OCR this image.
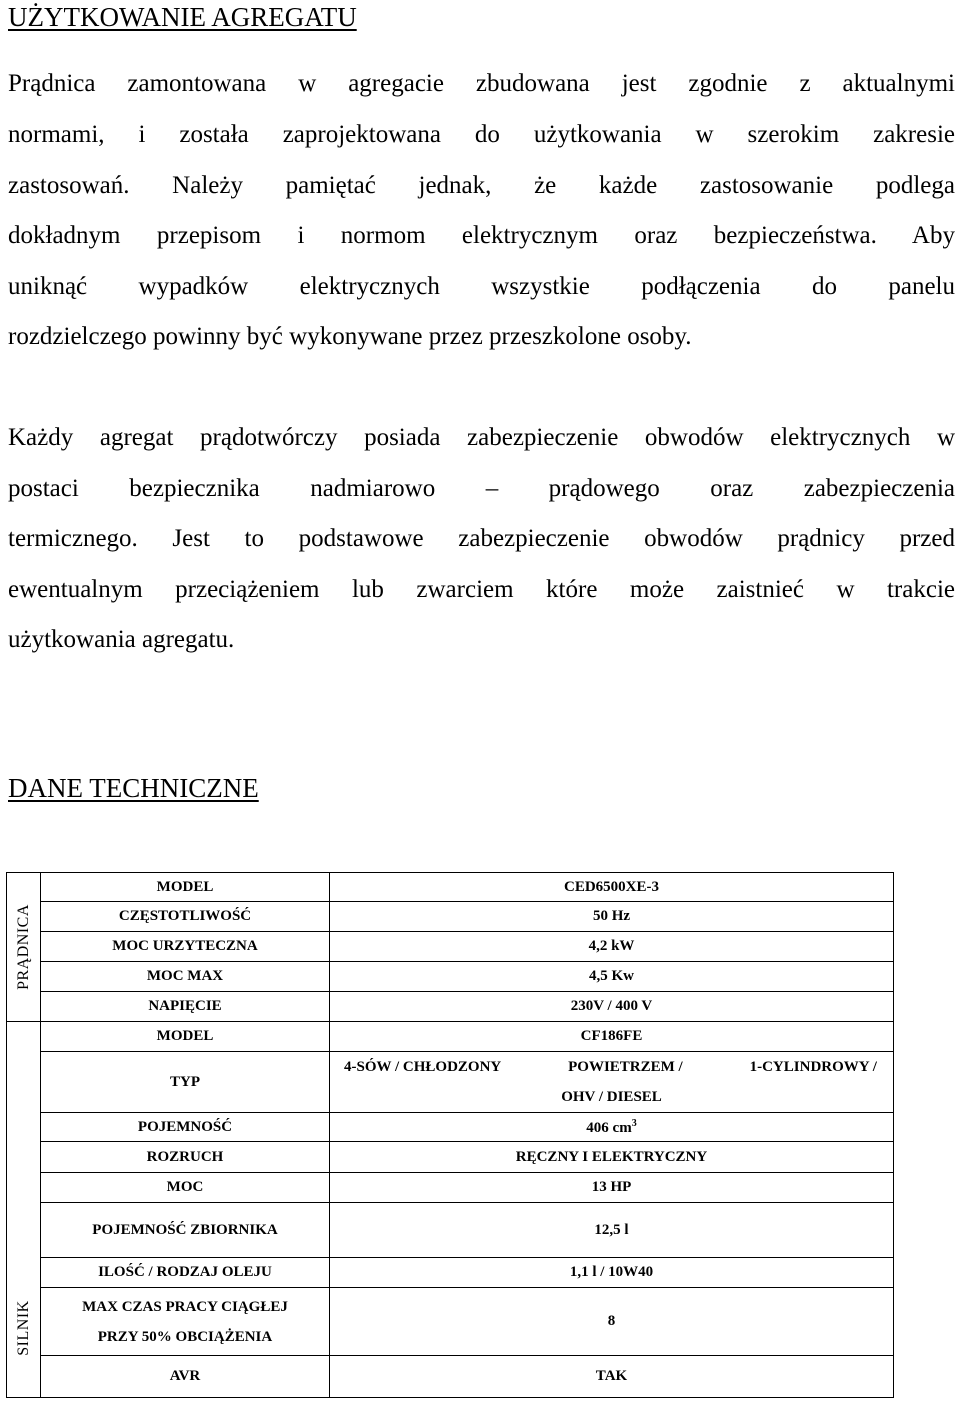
UŻYTKOWANIE AGREGATU
Prądnica zamontowana w agregacie zbudowana jest zgodnie z aktualnymi
normami, i została zaprojektowana do użytkowania w szerokim zakresie
zastosowań. Należy pamiętać jednak, że każde zastosowanie podlega
dokładnym przepisom i normom elektrycznym oraz bezpieczeństwa. Aby
uniknąć wypadków elektrycznych wszystkie podłączenia do panelu
rozdzielczego powinny być wykonywane przez przeszkolone osoby.
Każdy agregat prądotwórczy posiada zabezpieczenie obwodów elektrycznych w
postaci bezpiecznika nadmiarowo – prądowego oraz zabezpieczenia
termicznego. Jest to podstawowe zabezpieczenie obwodów prądnicy przed
ewentualnym przeciążeniem lub zwarciem które może zaistnieć w trakcie
użytkowania agregatu.
DANE TECHNICZNE
PRĄDNICA	MODEL	CED6500XE-3
	CZĘSTOTLIWOŚĆ	50 Hz
	MOC URZYTECZNA	4,2 kW
	MOC MAX	4,5 Kw
	NAPIĘCIE	230V / 400 V

SILNIK	MODEL	CF186FE
	TYP	4-SÓW / CHŁODZONY POWIETRZEM / 1-CYLINDROWY /
OHV / DIESEL

	POJEMNOŚĆ	406 $cm^3$
	ROZRUCH	RĘCZNY I ELEKTRYCZNY
	MOC	13 HP
	POJEMNOŚĆ ZBIORNIKA	12,5 l
	ILOŚĆ / RODZAJ OLEJU	1,1 l / 10W40

	MAX CZAS PRACY CIĄGŁEJ
PRZY 50% OBCIĄŻENIA	8
	AVR	TAK
